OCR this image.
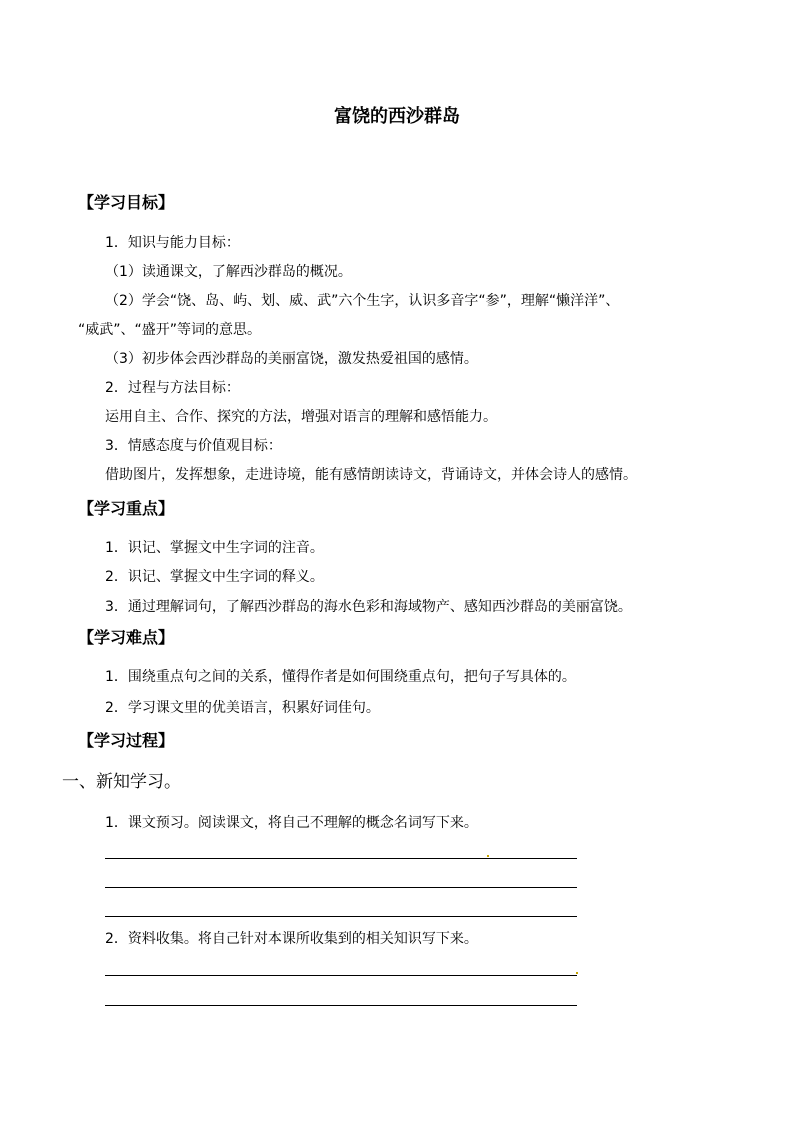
富饶的西沙群岛
【学习目标】
1．知识与能力目标：
（1）读通课文，了解西沙群岛的概况。
（2）学会“饶、岛、屿、划、威、武”六个生字，认识多音字“参”，理解“懒洋洋”、
“威武”、“盛开”等词的意思。
（3）初步体会西沙群岛的美丽富饶，激发热爱祖国的感情。
2．过程与方法目标：
运用自主、合作、探究的方法，增强对语言的理解和感悟能力。
3．情感态度与价值观目标：
借助图片，发挥想象，走进诗境，能有感情朗读诗文，背诵诗文，并体会诗人的感情。
【学习重点】
1．识记、掌握文中生字词的注音。
2．识记、掌握文中生字词的释义。
3．通过理解词句，了解西沙群岛的海水色彩和海域物产、感知西沙群岛的美丽富饶。
【学习难点】
1．围绕重点句之间的关系，懂得作者是如何围绕重点句，把句子写具体的。
2．学习课文里的优美语言，积累好词佳句。
【学习过程】
一、新知学习。
1．课文预习。阅读课文，将自己不理解的概念名词写下来。
2．资料收集。将自己针对本课所收集到的相关知识写下来。
